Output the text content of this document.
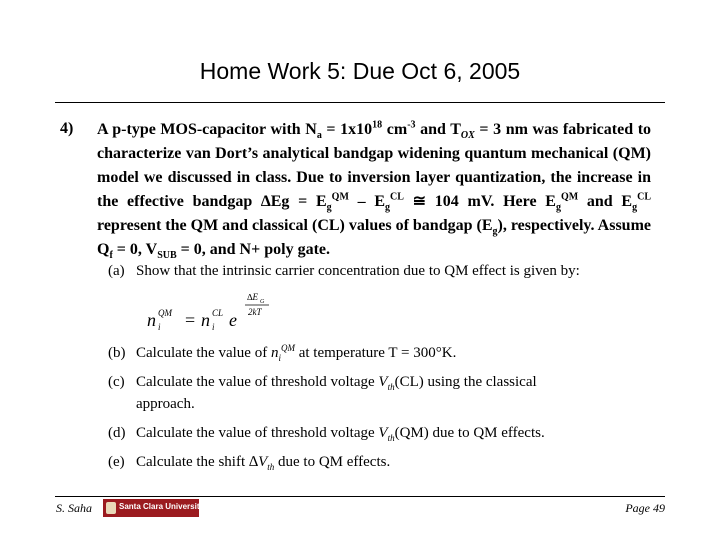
Home Work 5: Due Oct 6, 2005
4) A p-type MOS-capacitor with $N_a = 1x10^{18}$ $cm^{-3}$ and $T_{OX} = 3$ nm was fabricated to characterize van Dort’s analytical bandgap widening quantum mechanical (QM) model we discussed in class. Due to inversion layer quantization, the increase in the effective bandgap $\Delta Eg = E_g^{QM} - E_g^{CL}$ ≅ 104 mV. Here $E_g^{QM}$ and $E_g^{CL}$ represent the QM and classical (CL) values of bandgap $(E_g)$, respectively. Assume $Q_f = 0$, $V_{SUB} = 0$, and N+ poly gate.
(a) Show that the intrinsic carrier concentration due to QM effect is given by:
n i
QM = n i
CL e
∆E G
2kT
(b) Calculate the value of $n_i^{QM}$ at temperature T = 300°K.
(c) Calculate the value of threshold voltage $V_{th}(CL)$ using the classical
approach.
(d) Calculate the value of threshold voltage $V_{th}(QM)$ due to QM effects.
(e) Calculate the shift $\Delta V_{th}$ due to QM effects.
S. Saha	Santa Clara University	Page 49
